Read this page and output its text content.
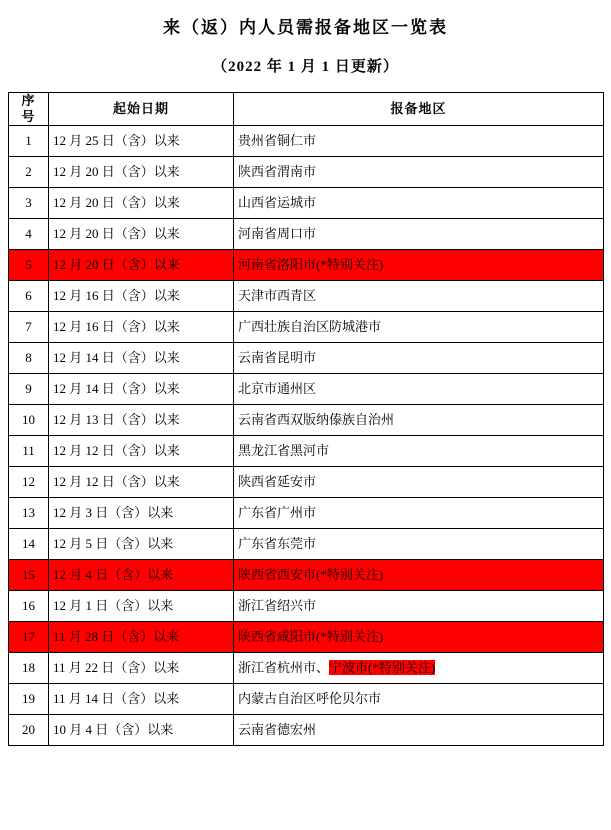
来（返）内人员需报备地区一览表
（2022 年 1 月 1 日更新）
序 号	起始日期	报备地区
1	12 月 25 日（含）以来	贵州省铜仁市
2	12 月 20 日（含）以来	陕西省渭南市
3	12 月 20 日（含）以来	山西省运城市
4	12 月 20 日（含）以来	河南省周口市
5	12 月 20 日（含）以来	河南省洛阳市(*特别关注)
6	12 月 16 日（含）以来	天津市西青区
7	12 月 16 日（含）以来	广西壮族自治区防城港市
8	12 月 14 日（含）以来	云南省昆明市
9	12 月 14 日（含）以来	北京市通州区
10	12 月 13 日（含）以来	云南省西双版纳傣族自治州
11	12 月 12 日（含）以来	黑龙江省黑河市
12	12 月 12 日（含）以来	陕西省延安市
13	12 月 3 日（含）以来	广东省广州市
14	12 月 5 日（含）以来	广东省东莞市
15	12 月 4 日（含）以来	陕西省西安市(*特别关注)
16	12 月 1 日（含）以来	浙江省绍兴市
17	11 月 28 日（含）以来	陕西省咸阳市(*特别关注)
18	11 月 22 日（含）以来	浙江省杭州市、宁波市(*特别关注)
19	11 月 14 日（含）以来	内蒙古自治区呼伦贝尔市
20	10 月 4 日（含）以来	云南省德宏州
